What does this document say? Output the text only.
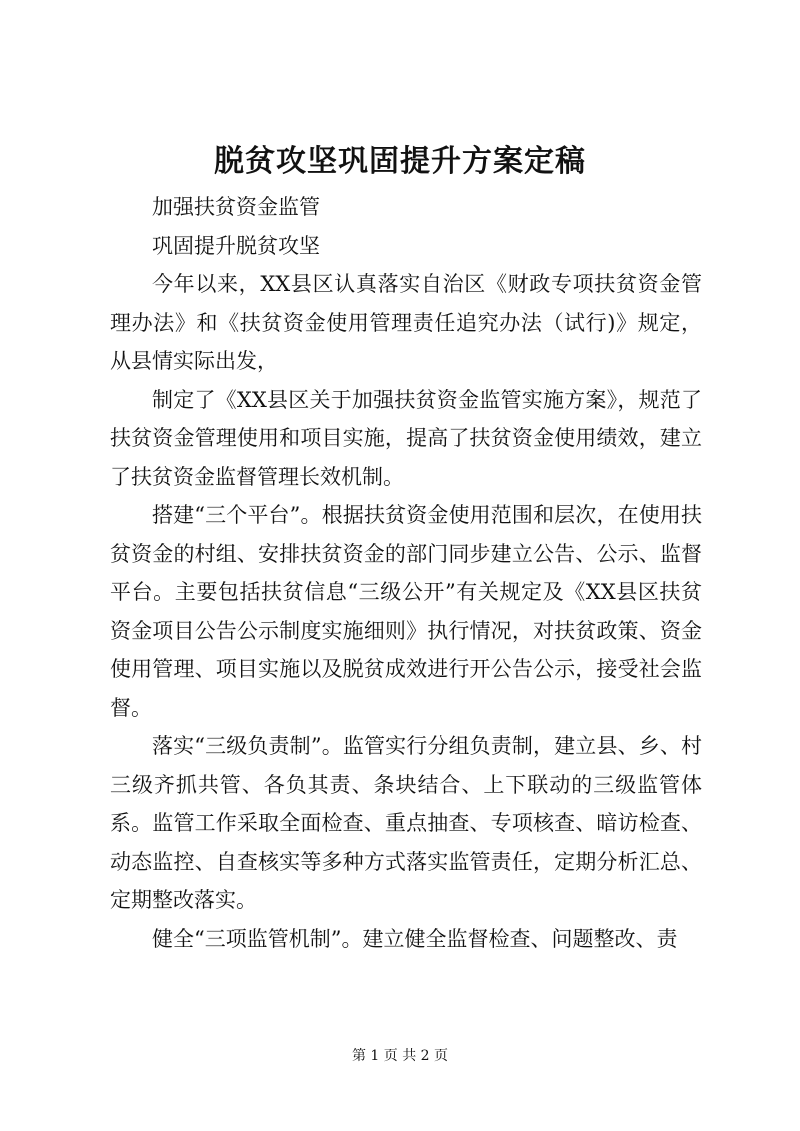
脱贫攻坚巩固提升方案定稿

加强扶贫资金监管

巩固提升脱贫攻坚

今年以来，XX县区认真落实自治区《财政专项扶贫资金管理办法》和《扶贫资金使用管理责任追究办法（试行)》规定，从县情实际出发，

制定了《XX县区关于加强扶贫资金监管实施方案》，规范了扶贫资金管理使用和项目实施，提高了扶贫资金使用绩效，建立了扶贫资金监督管理长效机制。

搭建“三个平台”。根据扶贫资金使用范围和层次，在使用扶贫资金的村组、安排扶贫资金的部门同步建立公告、公示、监督平台。主要包括扶贫信息“三级公开”有关规定及《XX县区扶贫资金项目公告公示制度实施细则》执行情况，对扶贫政策、资金使用管理、项目实施以及脱贫成效进行开公告公示，接受社会监督。

落实“三级负责制”。监管实行分组负责制，建立县、乡、村三级齐抓共管、各负其责、条块结合、上下联动的三级监管体系。监管工作采取全面检查、重点抽查、专项核查、暗访检查、动态监控、自查核实等多种方式落实监管责任，定期分析汇总、定期整改落实。

健全“三项监管机制”。建立健全监督检查、问题整改、责

第 1 页 共 2 页
